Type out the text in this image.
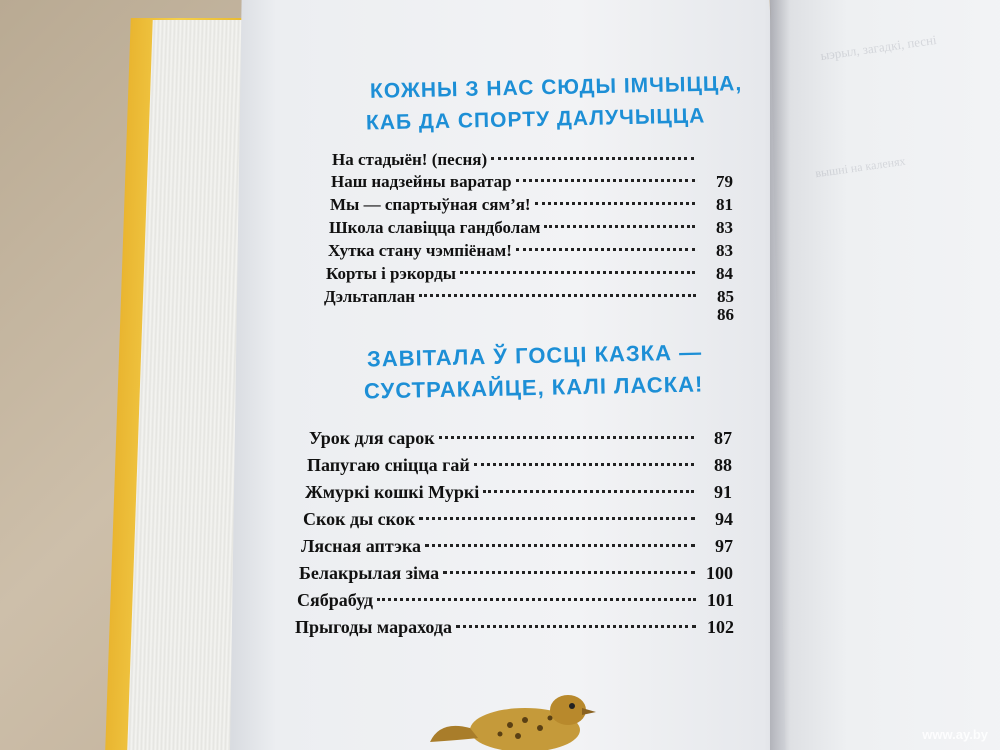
ыэрыл, загадкі, песні
вышні на каленях
КОЖНЫ З НАС СЮДЫ ІМЧЫЦЦА,
КАБ ДА СПОРТУ ДАЛУЧЫЦЦА
На стадыён! (песня)
Наш надзейны варатар	79
Мы — спартыўная сям’я!	81
Школа славіцца гандболам	83
Хутка стану чэмпіёнам!	83
Корты і рэкорды	84
Дэльтаплан	85
86
ЗАВІТАЛА Ў ГОСЦІ КАЗКА —
СУСТРАКАЙЦЕ, КАЛІ ЛАСКА!
Урок для сарок	87
Папугаю сніцца гай	88
Жмуркі кошкі Муркі	91
Скок ды скок	94
Лясная аптэка	97
Белакрылая зіма	100
Сябрабуд	101
Прыгоды марахода	102
www.ay.by
